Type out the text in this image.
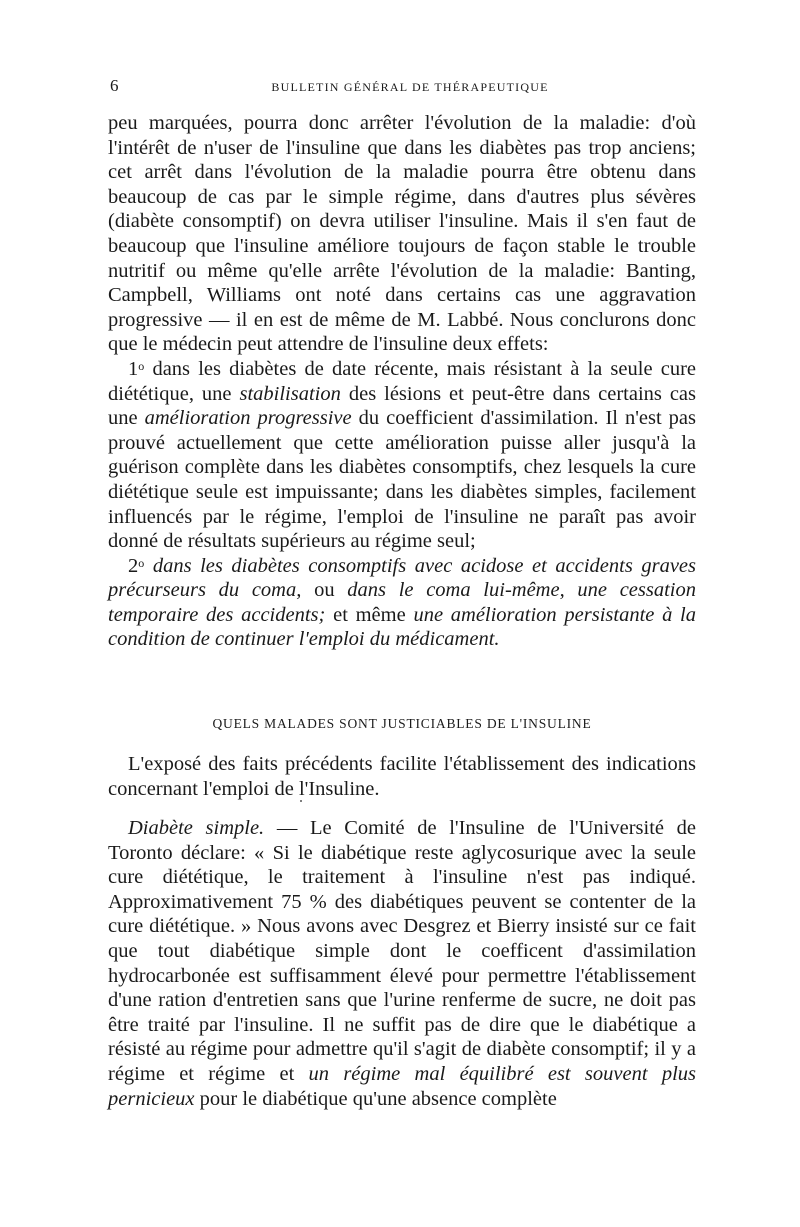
6	BULLETIN GÉNÉRAL DE THÉRAPEUTIQUE

peu marquées, pourra donc arrêter l'évolution de la maladie: d'où l'intérêt de n'user de l'insuline que dans les diabètes pas trop anciens; cet arrêt dans l'évolution de la maladie pourra être obtenu dans beaucoup de cas par le simple régime, dans d'autres plus sévères (diabète consomptif) on devra utiliser l'insuline. Mais il s'en faut de beaucoup que l'insuline améliore toujours de façon stable le trouble nutritif ou même qu'elle arrête l'évolution de la maladie: Banting, Campbell, Williams ont noté dans certains cas une aggravation progressive — il en est de même de M. Labbé. Nous conclurons donc que le médecin peut attendre de l'insuline deux effets:

1$^o$ dans les diabètes de date récente, mais résistant à la seule cure diététique, une stabilisation des lésions et peut-être dans certains cas une amélioration progressive du coefficient d'assimilation. Il n'est pas prouvé actuellement que cette amélioration puisse aller jusqu'à la guérison complète dans les diabètes consomptifs, chez lesquels la cure diététique seule est impuissante; dans les diabètes simples, facilement influencés par le régime, l'emploi de l'insuline ne paraît pas avoir donné de résultats supérieurs au régime seul;

2$^o$ dans les diabètes consomptifs avec acidose et accidents graves précurseurs du coma, ou dans le coma lui-même, une cessation temporaire des accidents; et même une amélioration persistante à la condition de continuer l'emploi du médicament.

QUELS MALADES SONT JUSTICIABLES DE L'INSULINE

L'exposé des faits précédents facilite l'établissement des indications concernant l'emploi de l'Insuline.

Diabète simple. — Le Comité de l'Insuline de l'Université de Toronto déclare: « Si le diabétique reste aglycosurique avec la seule cure diététique, le traitement à l'insuline n'est pas indiqué. Approximativement 75 % des diabétiques peuvent se contenter de la cure diététique. » Nous avons avec Desgrez et Bierry insisté sur ce fait que tout diabétique simple dont le coefficent d'assimilation hydrocarbonée est suffisamment élevé pour permettre l'établissement d'une ration d'entretien sans que l'urine renferme de sucre, ne doit pas être traité par l'insuline. Il ne suffit pas de dire que le diabétique a résisté au régime pour admettre qu'il s'agit de diabète consomptif; il y a régime et régime et un régime mal équilibré est souvent plus pernicieux pour le diabétique qu'une absence complète
